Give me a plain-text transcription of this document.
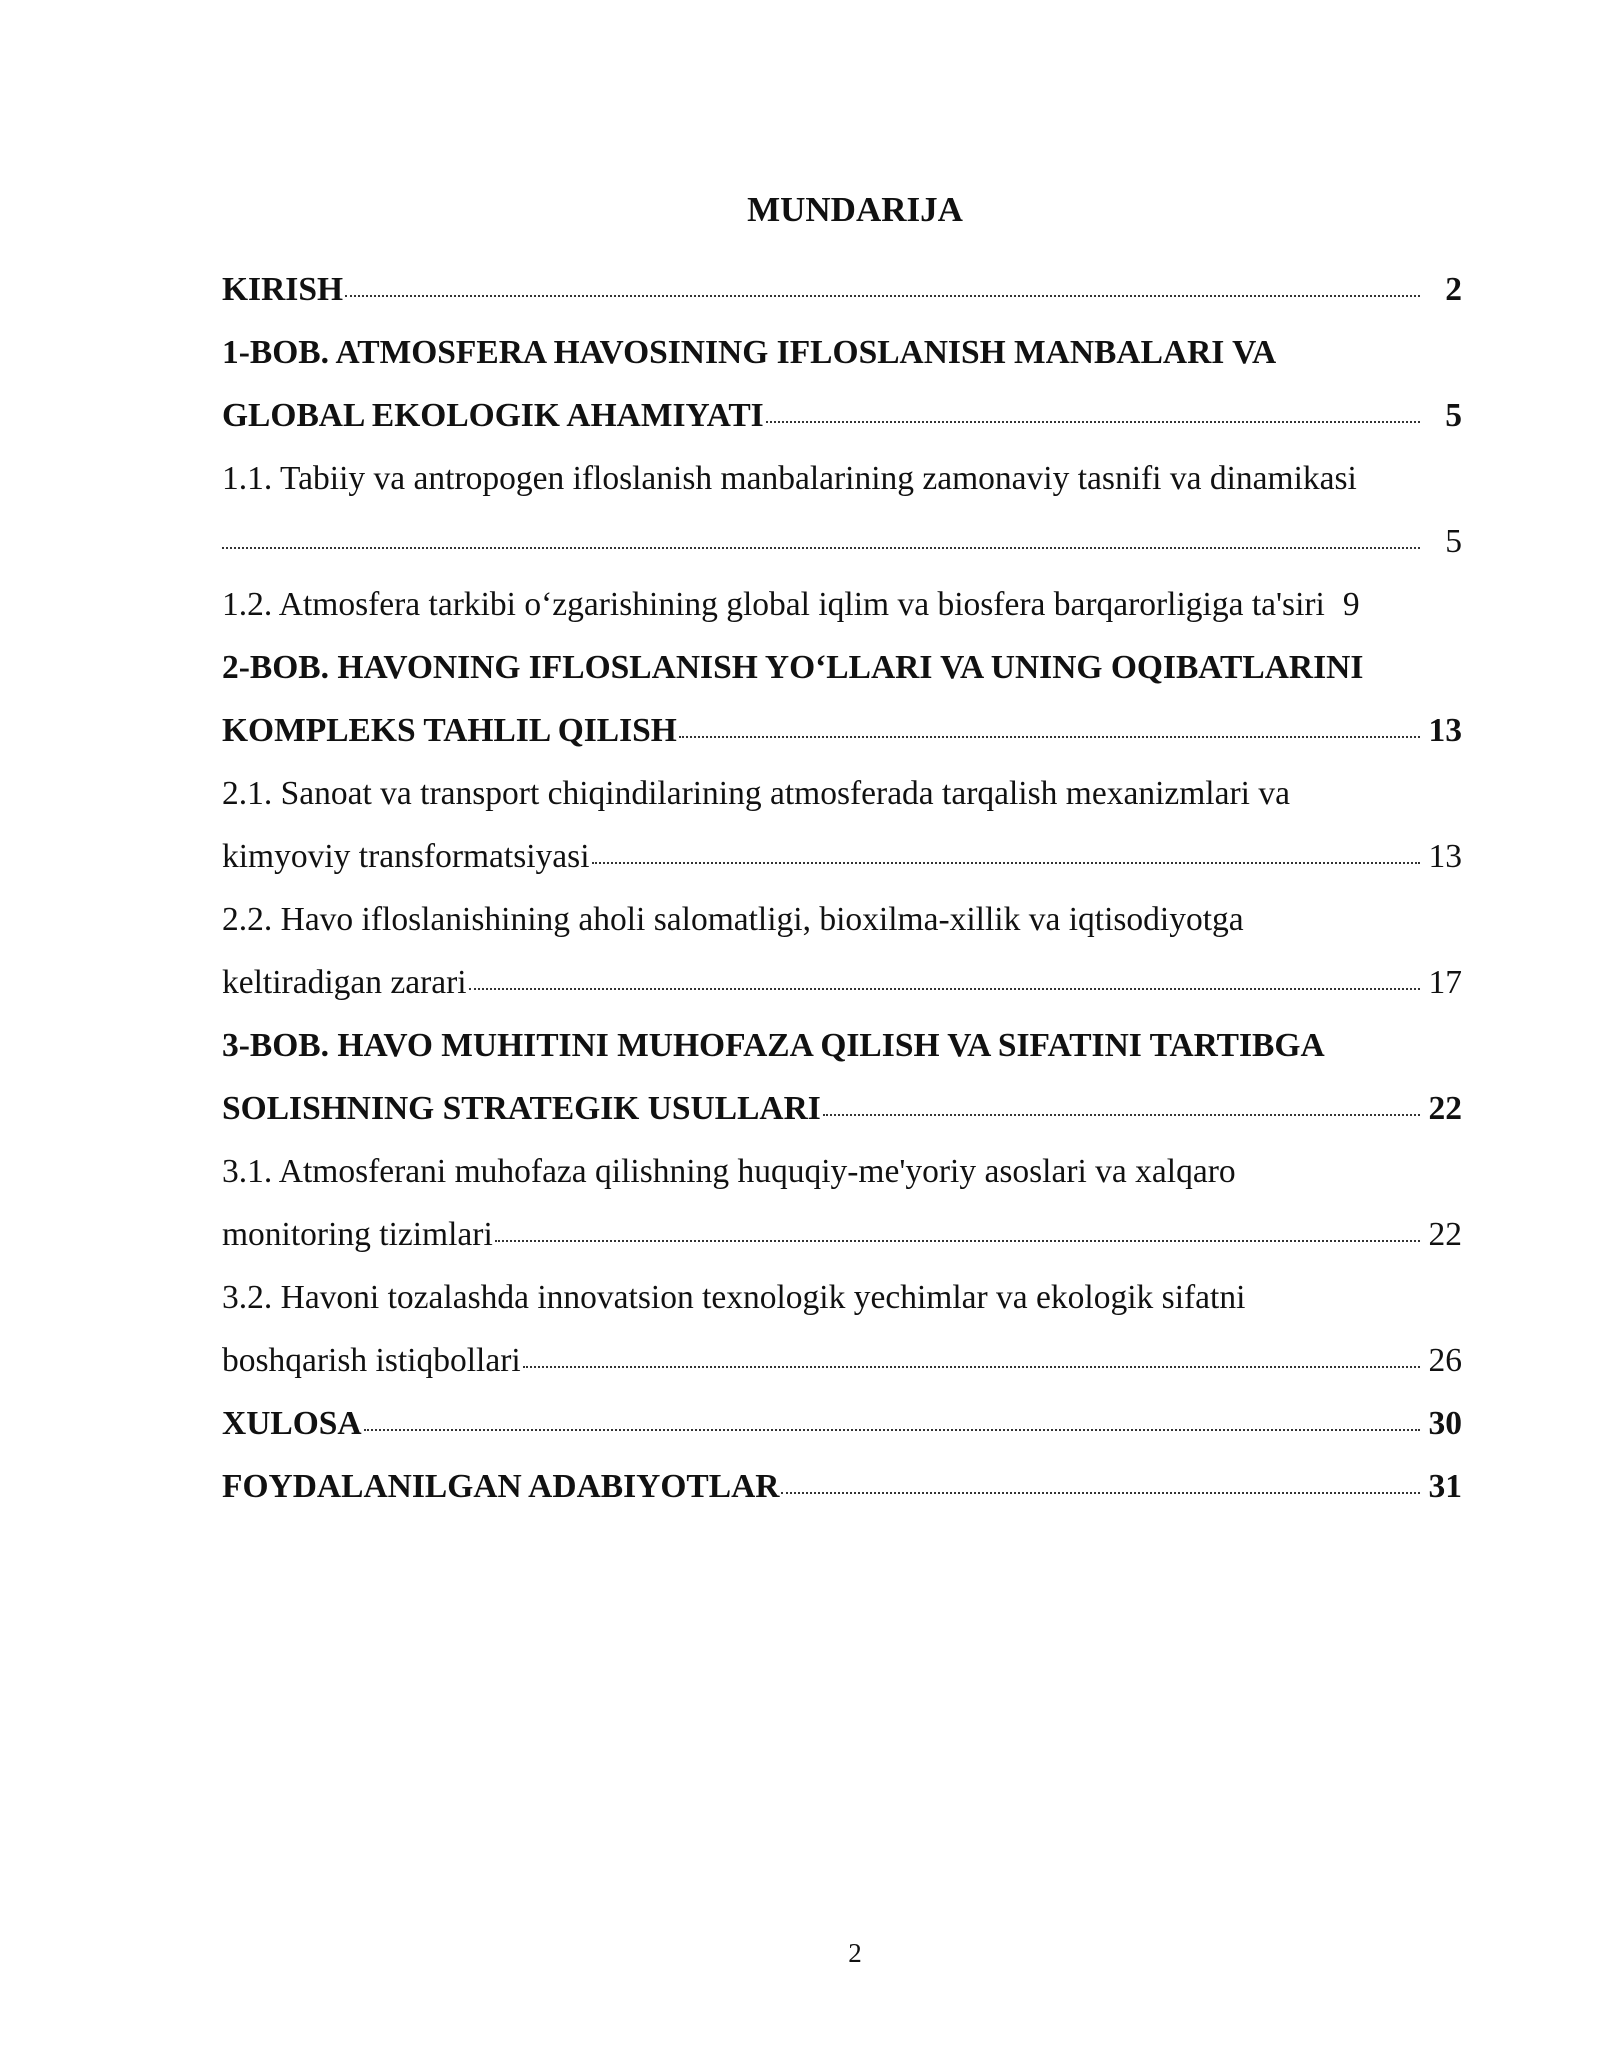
MUNDARIJA
KIRISH	2
1-BOB. ATMOSFERA HAVOSINING IFLOSLANISH MANBALARI VA
GLOBAL EKOLOGIK AHAMIYATI	5
1.1. Tabiiy va antropogen ifloslanish manbalarining zamonaviy tasnifi va dinamikasi
5
1.2. Atmosfera tarkibi o‘zgarishining global iqlim va biosfera barqarorligiga ta'siri 9
2-BOB. HAVONING IFLOSLANISH YO‘LLARI VA UNING OQIBATLARINI
KOMPLEKS TAHLIL QILISH	13
2.1. Sanoat va transport chiqindilarining atmosferada tarqalish mexanizmlari va
kimyoviy transformatsiyasi	13
2.2. Havo ifloslanishining aholi salomatligi, bioxilma-xillik va iqtisodiyotga
keltiradigan zarari	17
3-BOB. HAVO MUHITINI MUHOFAZA QILISH VA SIFATINI TARTIBGA
SOLISHNING STRATEGIK USULLARI	22
3.1. Atmosferani muhofaza qilishning huquqiy-me'yoriy asoslari va xalqaro
monitoring tizimlari	22
3.2. Havoni tozalashda innovatsion texnologik yechimlar va ekologik sifatni
boshqarish istiqbollari	26
XULOSA	30
FOYDALANILGAN ADABIYOTLAR	31

2
